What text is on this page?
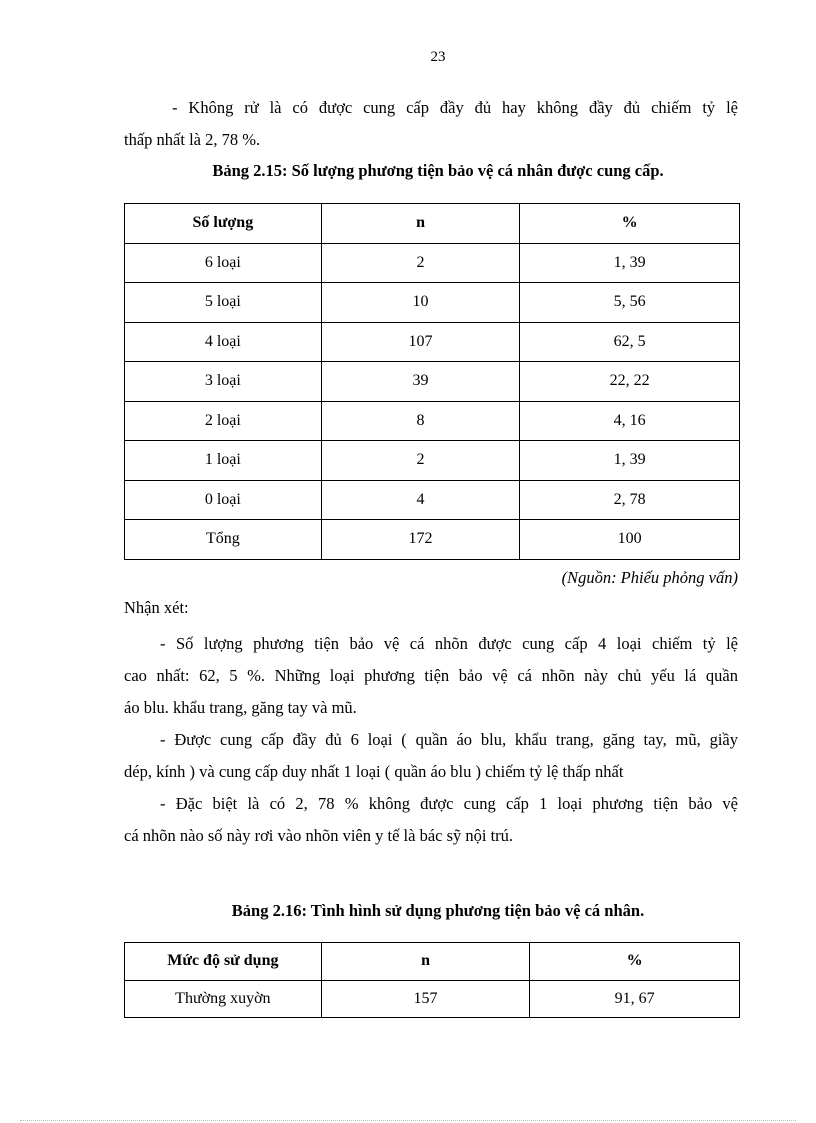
23
- Không rử là có được cung cấp đầy đủ hay không đầy đủ chiếm tỷ lệ
thấp nhất là 2, 78 %.
Bảng 2.15: Số lượng phương tiện bảo vệ cá nhân được cung cấp.
Số lượng	n	%
6 loại	2	1, 39
5 loại	10	5, 56
4 loại	107	62, 5
3 loại	39	22, 22
2 loại	8	4, 16
1 loại	2	1, 39
0 loại	4	2, 78
Tổng	172	100
(Nguồn: Phiếu phỏng vấn)
Nhận xét:
- Số lượng phương tiện bảo vệ cá nhõn được cung cấp 4 loại chiếm tỷ lệ
cao nhất: 62, 5 %. Những loại phương tiện bảo vệ cá nhõn này chủ yếu lá quần
áo blu. khẩu trang, găng tay và mũ.
- Được cung cấp đầy đủ 6 loại ( quần áo blu, khẩu trang, găng tay, mũ, giầy
dép, kính ) và cung cấp duy nhất 1 loại ( quần áo blu ) chiếm tỷ lệ thấp nhất
- Đặc biệt là có 2, 78 % không được cung cấp 1 loại phương tiện bảo vệ
cá nhõn nào số này rơi vào nhõn viên y tế là bác sỹ nội trú.
Bảng 2.16: Tình hình sử dụng phương tiện bảo vệ cá nhân.
Mức độ sử dụng	n	%
Thường xuyờn	157	91, 67
